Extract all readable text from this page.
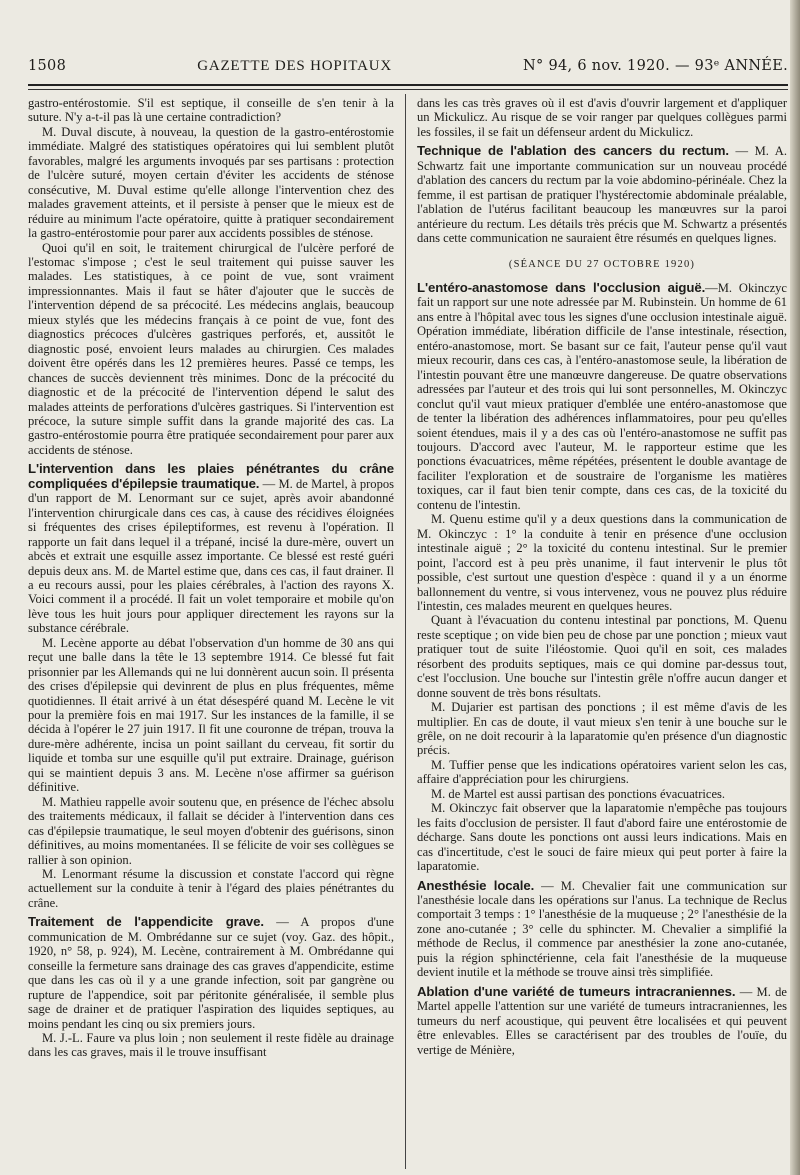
1508	GAZETTE DES HOPITAUX	N° 94, 6 nov. 1920. — 93ᵉ ANNÉE.

gastro-entérostomie. S'il est septique, il conseille de s'en tenir à la suture. N'y a-t-il pas là une certaine contradiction?

M. Duval discute, à nouveau, la question de la gastro-entérostomie immédiate. Malgré des statistiques opératoires qui lui semblent plutôt favorables, malgré les arguments invoqués par ses partisans : protection de l'ulcère suturé, moyen certain d'éviter les accidents de sténose consécutive, M. Duval estime qu'elle allonge l'intervention chez des malades gravement atteints, et il persiste à penser que le mieux est de réduire au minimum l'acte opératoire, quitte à pratiquer secondairement la gastro-entérostomie pour parer aux accidents possibles de sténose.

Quoi qu'il en soit, le traitement chirurgical de l'ulcère perforé de l'estomac s'impose ; c'est le seul traitement qui puisse sauver les malades. Les statistiques, à ce point de vue, sont vraiment impressionnantes. Mais il faut se hâter d'ajouter que le succès de l'intervention dépend de sa précocité. Les médecins anglais, beaucoup mieux stylés que les médecins français à ce point de vue, font des diagnostics précoces d'ulcères gastriques perforés, et, aussitôt le diagnostic posé, envoient leurs malades au chirurgien. Ces malades doivent être opérés dans les 12 premières heures. Passé ce temps, les chances de succès deviennent très minimes. Donc de la précocité du diagnostic et de la précocité de l'intervention dépend le salut des malades atteints de perforations d'ulcères gastriques. Si l'intervention est précoce, la suture simple suffit dans la grande majorité des cas. La gastro-entérostomie pourra être pratiquée secondairement pour parer aux accidents de sténose.

L'intervention dans les plaies pénétrantes du crâne compliquées d'épilepsie traumatique. — M. de Martel, à propos d'un rapport de M. Lenormant sur ce sujet, après avoir abandonné l'intervention chirurgicale dans ces cas, à cause des récidives éloignées si fréquentes des crises épileptiformes, est revenu à l'opération. Il rapporte un fait dans lequel il a trépané, incisé la dure-mère, ouvert un abcès et extrait une esquille assez importante. Ce blessé est resté guéri depuis deux ans. M. de Martel estime que, dans ces cas, il faut drainer. Il a eu recours aussi, pour les plaies cérébrales, à l'action des rayons X. Voici comment il a procédé. Il fait un volet temporaire et mobile qu'on lève tous les huit jours pour appliquer directement les rayons sur la substance cérébrale.

M. Lecène apporte au débat l'observation d'un homme de 30 ans qui reçut une balle dans la tête le 13 septembre 1914. Ce blessé fut fait prisonnier par les Allemands qui ne lui donnèrent aucun soin. Il présenta des crises d'épilepsie qui devinrent de plus en plus fréquentes, même quotidiennes. Il était arrivé à un état désespéré quand M. Lecène le vit pour la première fois en mai 1917. Sur les instances de la famille, il se décida à l'opérer le 27 juin 1917. Il fit une couronne de trépan, trouva la dure-mère adhérente, incisa un point saillant du cerveau, fit sortir du liquide et tomba sur une esquille qu'il put extraire. Drainage, guérison qui se maintient depuis 3 ans. M. Lecène n'ose affirmer sa guérison définitive.

M. Mathieu rappelle avoir soutenu que, en présence de l'échec absolu des traitements médicaux, il fallait se décider à l'intervention dans ces cas d'épilepsie traumatique, le seul moyen d'obtenir des guérisons, sinon définitives, au moins momentanées. Il se félicite de voir ses collègues se rallier à son opinion.

M. Lenormant résume la discussion et constate l'accord qui règne actuellement sur la conduite à tenir à l'égard des plaies pénétrantes du crâne.

Traitement de l'appendicite grave. — A propos d'une communication de M. Ombrédanne sur ce sujet (voy. Gaz. des hôpit., 1920, n° 58, p. 924), M. Lecène, contrairement à M. Ombrédanne qui conseille la fermeture sans drainage des cas graves d'appendicite, estime que dans les cas où il y a une grande infection, soit par gangrène ou rupture de l'appendice, soit par péritonite généralisée, il semble plus sage de drainer et de pratiquer l'aspiration des liquides septiques, au moins pendant les cinq ou six premiers jours.

M. J.-L. Faure va plus loin ; non seulement il reste fidèle au drainage dans les cas graves, mais il le trouve insuffisant

dans les cas très graves où il est d'avis d'ouvrir largement et d'appliquer un Mickulicz. Au risque de se voir ranger par quelques collègues parmi les fossiles, il se fait un défenseur ardent du Mickulicz.

Technique de l'ablation des cancers du rectum. — M. A. Schwartz fait une importante communication sur un nouveau procédé d'ablation des cancers du rectum par la voie abdomino-périnéale. Chez la femme, il est partisan de pratiquer l'hystérectomie abdominale préalable, l'ablation de l'utérus facilitant beaucoup les manœuvres sur la paroi antérieure du rectum. Les détails très précis que M. Schwartz a présentés dans cette communication ne sauraient être résumés en quelques lignes.

(SÉANCE DU 27 OCTOBRE 1920)

L'entéro-anastomose dans l'occlusion aiguë.—M. Okinczyc fait un rapport sur une note adressée par M. Rubinstein. Un homme de 61 ans entre à l'hôpital avec tous les signes d'une occlusion intestinale aiguë. Opération immédiate, libération difficile de l'anse intestinale, résection, entéro-anastomose, mort. Se basant sur ce fait, l'auteur pense qu'il vaut mieux recourir, dans ces cas, à l'entéro-anastomose seule, la libération de l'intestin pouvant être une manœuvre dangereuse. De quatre observations adressées par l'auteur et des trois qui lui sont personnelles, M. Okinczyc conclut qu'il vaut mieux pratiquer d'emblée une entéro-anastomose que de tenter la libération des adhérences inflammatoires, pour peu qu'elles soient étendues, mais il y a des cas où l'entéro-anastomose ne suffit pas toujours. D'accord avec l'auteur, M. le rapporteur estime que les ponctions évacuatrices, même répétées, présentent le double avantage de faciliter l'exploration et de soustraire de l'organisme les matières toxiques, car il faut bien tenir compte, dans ces cas, de la toxicité du contenu de l'intestin.

M. Quenu estime qu'il y a deux questions dans la communication de M. Okinczyc : 1° la conduite à tenir en présence d'une occlusion intestinale aiguë ; 2° la toxicité du contenu intestinal. Sur le premier point, l'accord est à peu près unanime, il faut intervenir le plus tôt possible, c'est surtout une question d'espèce : quand il y a un énorme ballonnement du ventre, si vous intervenez, vous ne pouvez plus réduire l'intestin, ces malades meurent en quelques heures.

Quant à l'évacuation du contenu intestinal par ponctions, M. Quenu reste sceptique ; on vide bien peu de chose par une ponction ; mieux vaut pratiquer tout de suite l'iléostomie. Quoi qu'il en soit, ces malades résorbent des produits septiques, mais ce qui domine par-dessus tout, c'est l'occlusion. Une bouche sur l'intestin grêle n'offre aucun danger et donne souvent de très bons résultats.

M. Dujarier est partisan des ponctions ; il est même d'avis de les multiplier. En cas de doute, il vaut mieux s'en tenir à une bouche sur le grêle, on ne doit recourir à la laparatomie qu'en présence d'un diagnostic précis.

M. Tuffier pense que les indications opératoires varient selon les cas, affaire d'appréciation pour les chirurgiens.

M. de Martel est aussi partisan des ponctions évacuatrices.

M. Okinczyc fait observer que la laparatomie n'empêche pas toujours les faits d'occlusion de persister. Il faut d'abord faire une entérostomie de décharge. Sans doute les ponctions ont aussi leurs indications. Mais en cas d'incertitude, c'est le souci de faire mieux qui peut porter à faire la laparatomie.

Anesthésie locale. — M. Chevalier fait une communication sur l'anesthésie locale dans les opérations sur l'anus. La technique de Reclus comportait 3 temps : 1° l'anesthésie de la muqueuse ; 2° l'anesthésie de la zone ano-cutanée ; 3° celle du sphincter. M. Chevalier a simplifié la méthode de Reclus, il commence par anesthésier la zone ano-cutanée, puis la région sphinctérienne, cela fait l'anesthésie de la muqueuse devient inutile et la méthode se trouve ainsi très simplifiée.

Ablation d'une variété de tumeurs intracraniennes. — M. de Martel appelle l'attention sur une variété de tumeurs intracraniennes, les tumeurs du nerf acoustique, qui peuvent être localisées et qui peuvent être enlevables. Elles se caractérisent par des troubles de l'ouïe, du vertige de Ménière,
